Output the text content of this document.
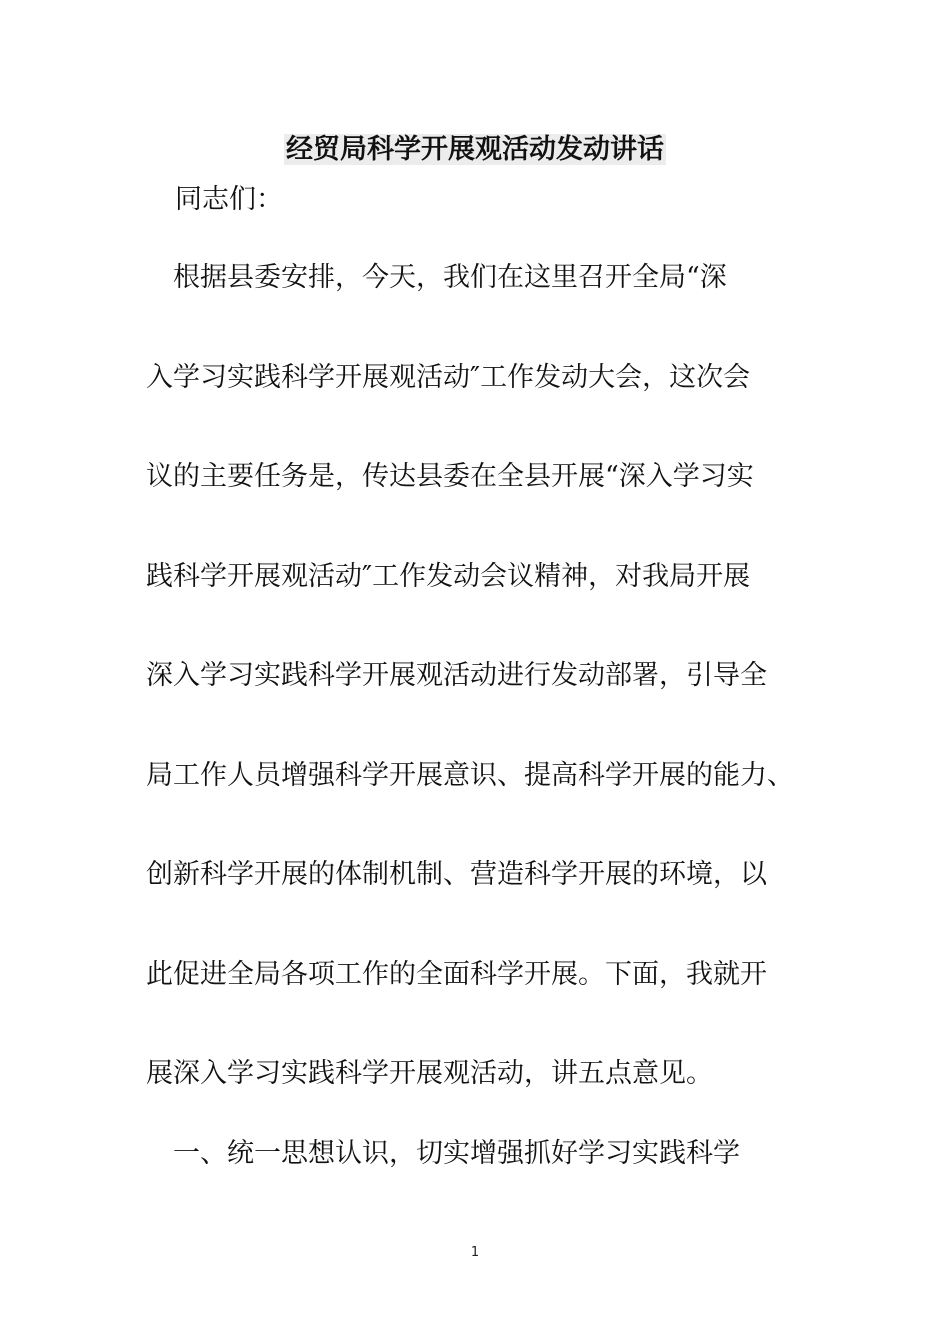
经贸局科学开展观活动发动讲话
同志们：
　根据县委安排，今天，我们在这里召开全局“深
入学习实践科学开展观活动″工作发动大会，这次会
议的主要任务是，传达县委在全县开展“深入学习实
践科学开展观活动″工作发动会议精神，对我局开展
深入学习实践科学开展观活动进行发动部署，引导全
局工作人员增强科学开展意识、提高科学开展的能力、
创新科学开展的体制机制、营造科学开展的环境，以
此促进全局各项工作的全面科学开展。下面，我就开
展深入学习实践科学开展观活动，讲五点意见。
　一、统一思想认识，切实增强抓好学习实践科学
1
